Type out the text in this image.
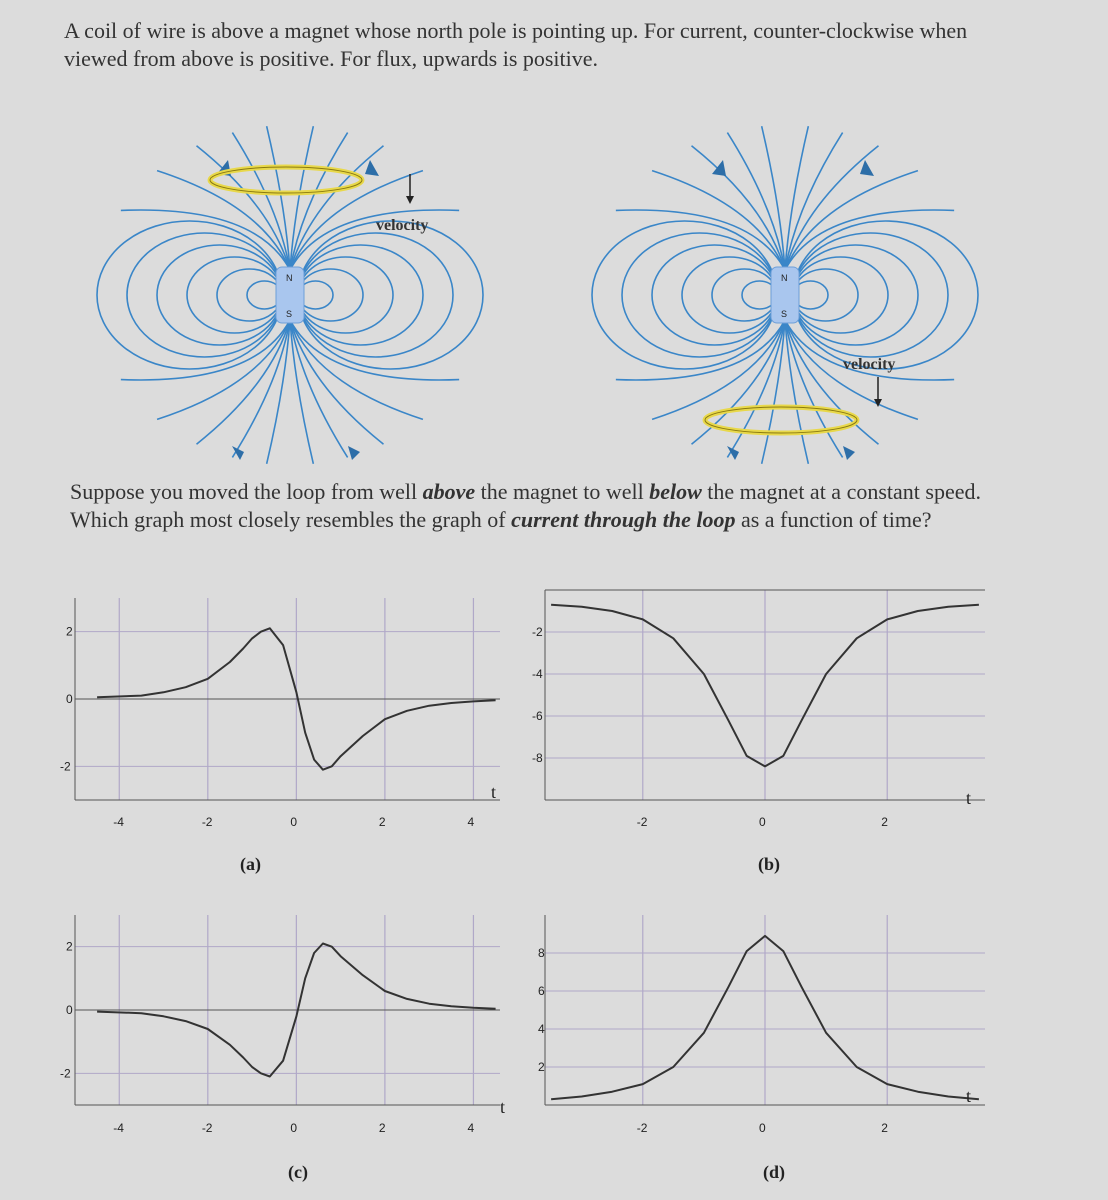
A coil of wire is above a magnet whose north pole is pointing up. For current, counter-clockwise when viewed from above is positive. For flux, upwards is positive.
N
S
velocity
N
S
velocity
Suppose you moved the loop from well above the magnet to well below the magnet at a constant speed. Which graph most closely resembles the graph of current through the loop as a function of time?
-4	-2	0	2	4
2
0
-2
t
(a)
-2	0	2
-2
-4
-6
-8
t
(b)
-4	-2	0	2	4
2
0
-2
t
(c)
-2	0	2
8
6
4
2
t
(d)
